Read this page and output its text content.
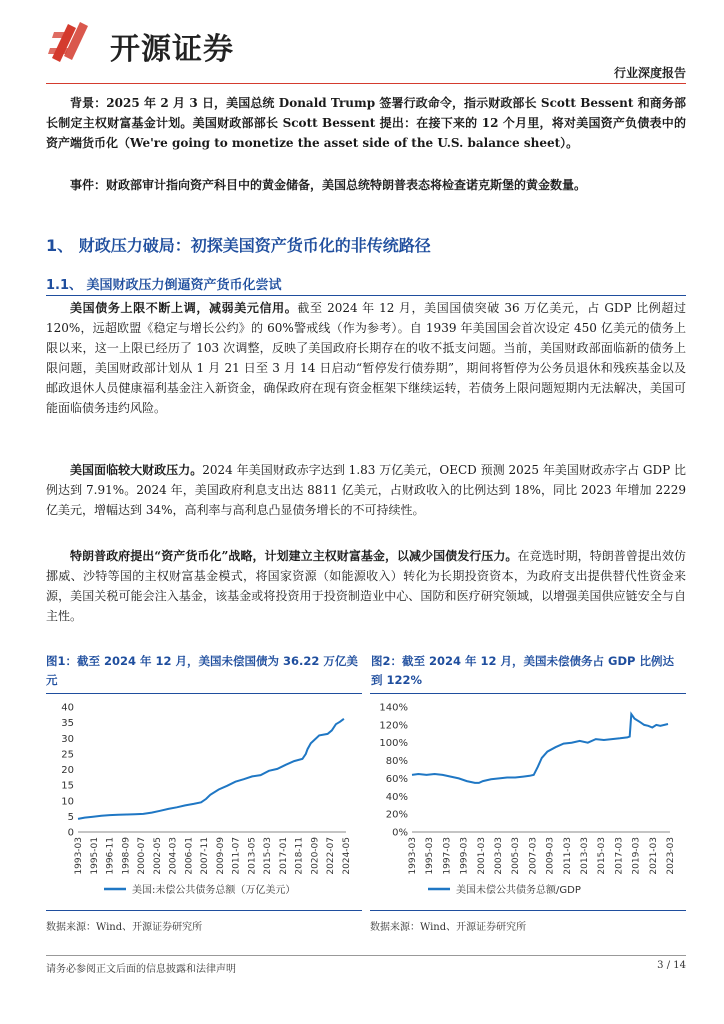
开源证券
行业深度报告

背景：2025 年 2 月 3 日，美国总统 Donald Trump 签署行政命令，指示财政部长 Scott Bessent 和商务部长制定主权财富基金计划。美国财政部部长 Scott Bessent 提出：在接下来的 12 个月里，将对美国资产负债表中的资产端货币化（We're going to monetize the asset side of the U.S. balance sheet）。

事件：财政部审计指向资产科目中的黄金储备，美国总统特朗普表态将检查诺克斯堡的黄金数量。

1、 财政压力破局：初探美国资产货币化的非传统路径
1.1、 美国财政压力倒逼资产货币化尝试

美国债务上限不断上调，减弱美元信用。截至 2024 年 12 月，美国国债突破 36 万亿美元，占 GDP 比例超过 120%，远超欧盟《稳定与增长公约》的 60%警戒线（作为参考）。自 1939 年美国国会首次设定 450 亿美元的债务上限以来，这一上限已经历了 103 次调整，反映了美国政府长期存在的收不抵支问题。当前，美国财政部面临新的债务上限问题，美国财政部计划从 1 月 21 日至 3 月 14 日启动“暂停发行债券期”，期间将暂停为公务员退休和残疾基金以及邮政退休人员健康福利基金注入新资金，确保政府在现有资金框架下继续运转，若债务上限问题短期内无法解决，美国可能面临债务违约风险。

美国面临较大财政压力。2024 年美国财政赤字达到 1.83 万亿美元，OECD 预测 2025 年美国财政赤字占 GDP 比例达到 7.91%。2024 年，美国政府利息支出达 8811 亿美元，占财政收入的比例达到 18%，同比 2023 年增加 2229 亿美元，增幅达到 34%，高利率与高利息凸显债务增长的不可持续性。

特朗普政府提出“资产货币化”战略，计划建立主权财富基金，以减少国债发行压力。在竞选时期，特朗普曾提出效仿挪威、沙特等国的主权财富基金模式，将国家资源（如能源收入）转化为长期投资资本，为政府支出提供替代性资金来源，美国关税可能会注入基金，该基金或将投资用于投资制造业中心、国防和医疗研究领域，以增强美国供应链安全与自主性。

图1：截至 2024 年 12 月，美国未偿国债为 36.22 万亿美元
0
5
10
15
20
25
30
35
40
1993-03 1995-01 1996-11 1998-09 2000-07 2002-05 2004-03 2006-01 2007-11 2009-09 2011-07 2013-05 2015-03 2017-01 2018-11 2020-09 2022-07 2024-05
美国:未偿公共债务总额（万亿美元）
数据来源：Wind、开源证券研究所
图2：截至 2024 年 12 月，美国未偿债务占 GDP 比例达到 122%
0%
20%
40%
60%
80%
100%
120%
140%
1993-03 1995-03 1997-03 1999-03 2001-03 2003-03 2005-03 2007-03 2009-03 2011-03 2013-03 2015-03 2017-03 2019-03 2021-03 2023-03
美国未偿公共债务总额/GDP
数据来源：Wind、开源证券研究所
请务必参阅正文后面的信息披露和法律声明	3 / 14
